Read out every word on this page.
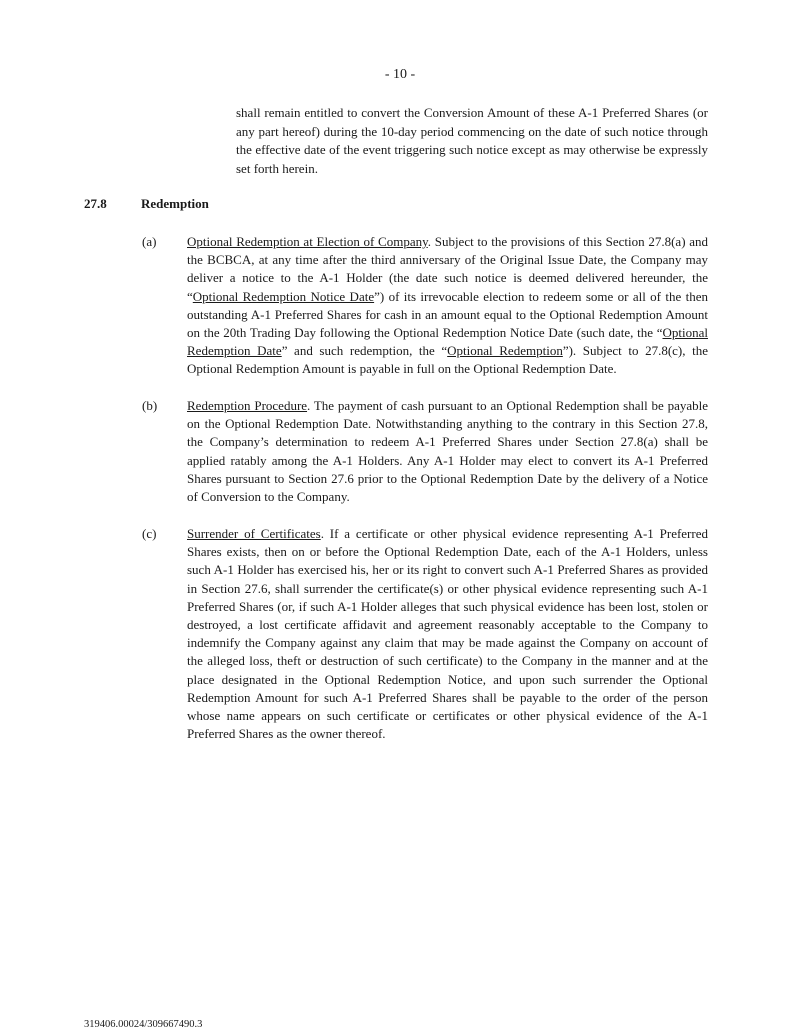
- 10 -

shall remain entitled to convert the Conversion Amount of these A-1 Preferred Shares (or any part hereof) during the 10-day period commencing on the date of such notice through the effective date of the event triggering such notice except as may otherwise be expressly set forth herein.

27.8	Redemption
(a) Optional Redemption at Election of Company. Subject to the provisions of this Section 27.8(a) and the BCBCA, at any time after the third anniversary of the Original Issue Date, the Company may deliver a notice to the A-1 Holder (the date such notice is deemed delivered hereunder, the “Optional Redemption Notice Date”) of its irrevocable election to redeem some or all of the then outstanding A-1 Preferred Shares for cash in an amount equal to the Optional Redemption Amount on the 20th Trading Day following the Optional Redemption Notice Date (such date, the “Optional Redemption Date” and such redemption, the “Optional Redemption”). Subject to 27.8(c), the Optional Redemption Amount is payable in full on the Optional Redemption Date.
(b) Redemption Procedure. The payment of cash pursuant to an Optional Redemption shall be payable on the Optional Redemption Date. Notwithstanding anything to the contrary in this Section 27.8, the Company’s determination to redeem A-1 Preferred Shares under Section 27.8(a) shall be applied ratably among the A-1 Holders. Any A-1 Holder may elect to convert its A-1 Preferred Shares pursuant to Section 27.6 prior to the Optional Redemption Date by the delivery of a Notice of Conversion to the Company.
(c) Surrender of Certificates. If a certificate or other physical evidence representing A-1 Preferred Shares exists, then on or before the Optional Redemption Date, each of the A-1 Holders, unless such A-1 Holder has exercised his, her or its right to convert such A-1 Preferred Shares as provided in Section 27.6, shall surrender the certificate(s) or other physical evidence representing such A-1 Preferred Shares (or, if such A-1 Holder alleges that such physical evidence has been lost, stolen or destroyed, a lost certificate affidavit and agreement reasonably acceptable to the Company to indemnify the Company against any claim that may be made against the Company on account of the alleged loss, theft or destruction of such certificate) to the Company in the manner and at the place designated in the Optional Redemption Notice, and upon such surrender the Optional Redemption Amount for such A-1 Preferred Shares shall be payable to the order of the person whose name appears on such certificate or certificates or other physical evidence of the A-1 Preferred Shares as the owner thereof.
319406.00024/309667490.3
